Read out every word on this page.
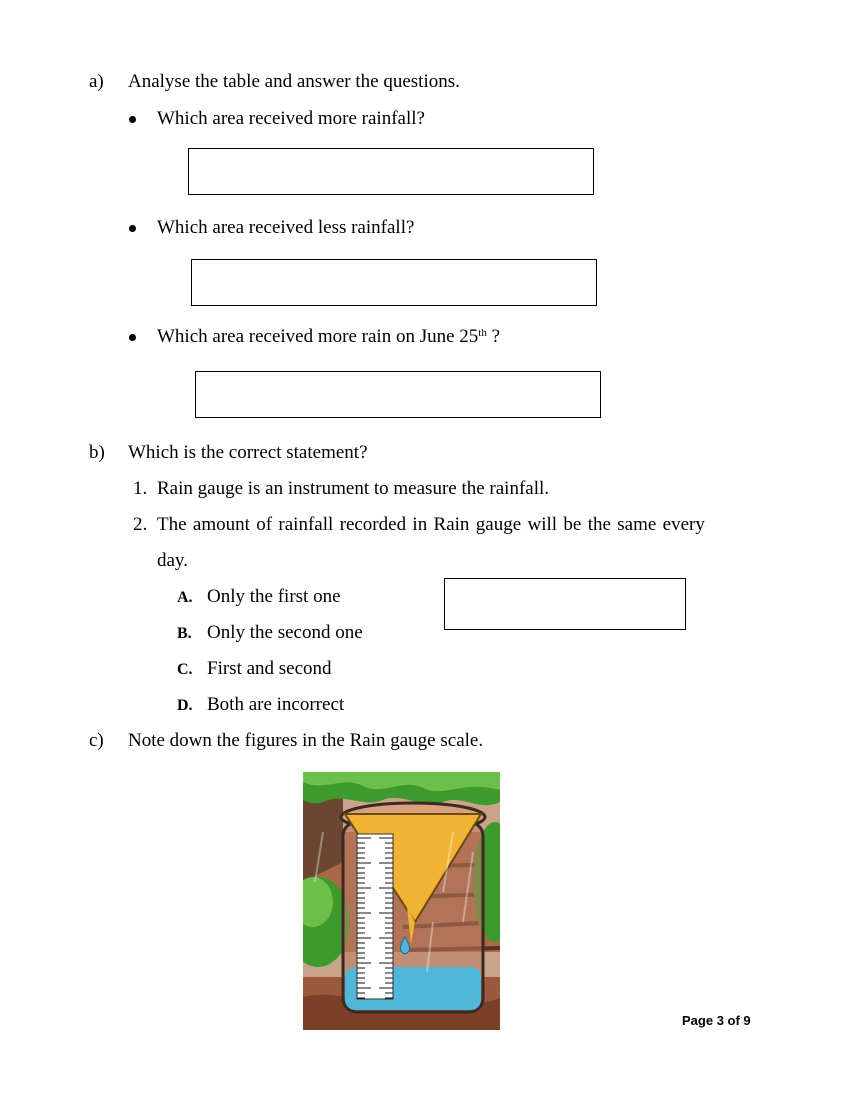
a) Analyse the table and answer the questions.
Which area received more rainfall?
Which area received less rainfall?
Which area received more rain on June 25th ?
b) Which is the correct statement?
1. Rain gauge is an instrument to measure the rainfall.
2. The amount of rainfall recorded in Rain gauge will be the same every
day.
A. Only the first one
B. Only the second one
C. First and second
D. Both are incorrect
c) Note down the figures in the Rain gauge scale.
Page 3 of 9
